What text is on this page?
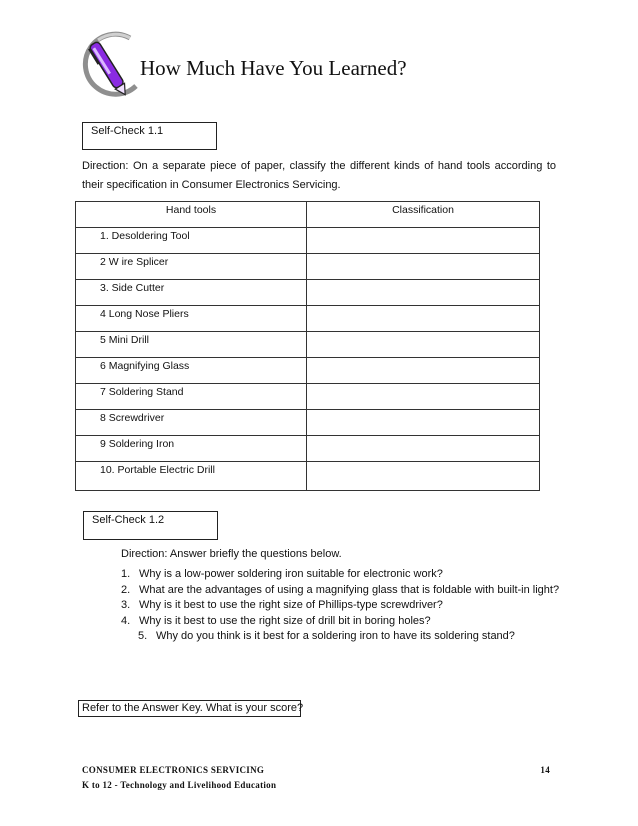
How Much Have You Learned?
Self-Check 1.1
Direction: On a separate piece of paper, classify the different kinds of hand tools according to their specification in Consumer Electronics Servicing.
Hand tools	Classification
1. Desoldering Tool	
2 W ire Splicer	
3. Side Cutter	
4 Long Nose Pliers	
5 Mini Drill	
6 Magnifying Glass	
7 Soldering Stand	
8 Screwdriver	
9 Soldering Iron	
10. Portable Electric Drill	
Self-Check 1.2
Direction: Answer briefly the questions below.
1. Why is a low-power soldering iron suitable for electronic work?
2. What are the advantages of using a magnifying glass that is foldable with built-in light?
3. Why is it best to use the right size of Phillips-type screwdriver?
4. Why is it best to use the right size of drill bit in boring holes?
5. Why do you think is it best for a soldering iron to have its soldering stand?
Refer to the Answer Key. What is your score?
CONSUMER ELECTRONICS SERVICING	14
K to 12 - Technology and Livelihood Education
